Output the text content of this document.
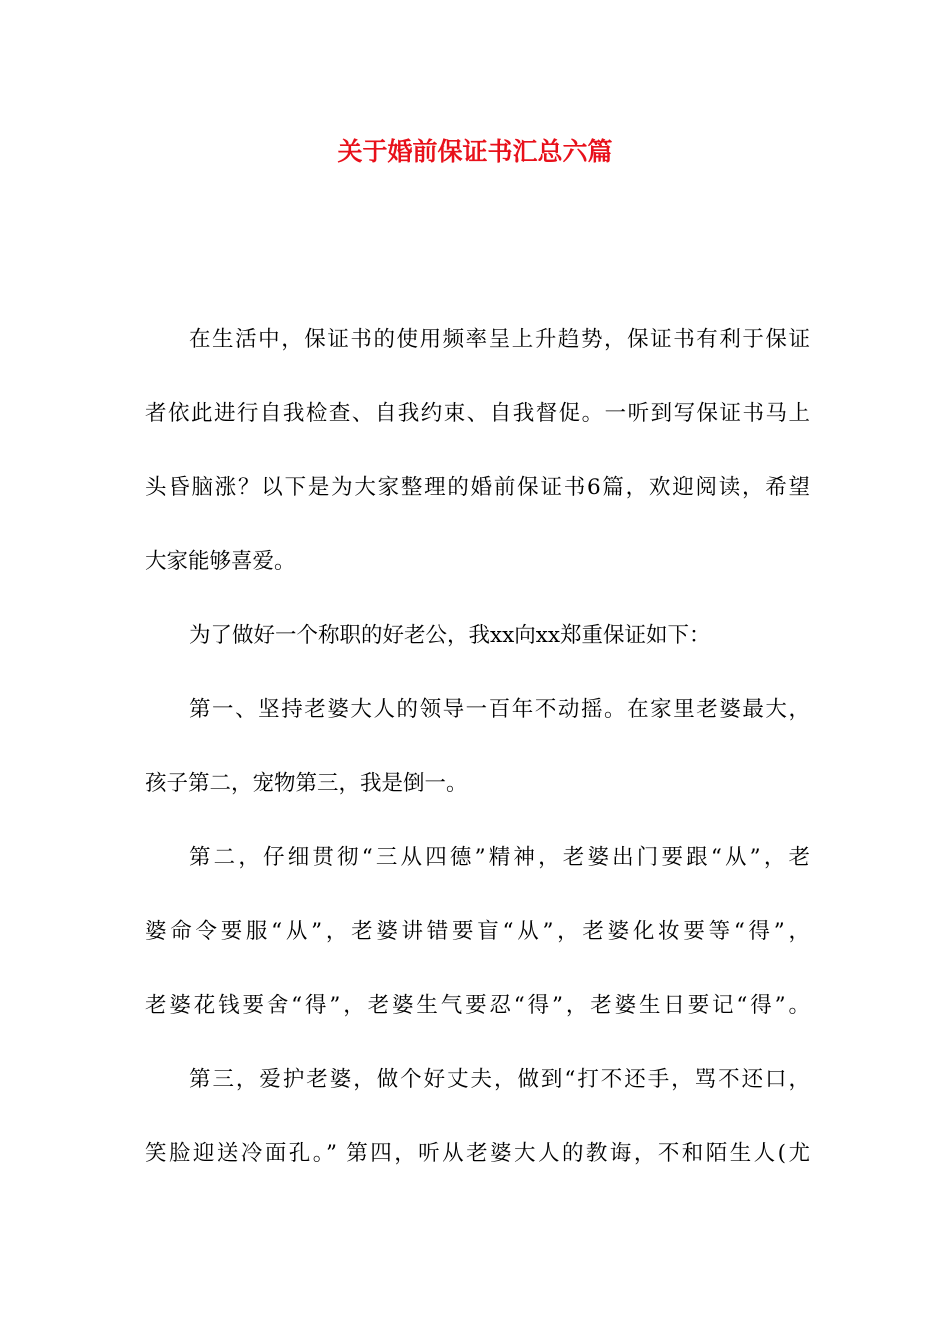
关于婚前保证书汇总六篇
在生活中，保证书的使用频率呈上升趋势，保证书有利于保证
者依此进行自我检查、自我约束、自我督促。一听到写保证书马上
头昏脑涨？以下是为大家整理的婚前保证书6篇，欢迎阅读，希望
大家能够喜爱。
为了做好一个称职的好老公，我xx向xx郑重保证如下：
第一、坚持老婆大人的领导一百年不动摇。在家里老婆最大，
孩子第二，宠物第三，我是倒一。
第二，仔细贯彻“三从四德”精神，老婆出门要跟“从”，老
婆命令要服“从”，老婆讲错要盲“从”，老婆化妆要等“得”，
老婆花钱要舍“得”，老婆生气要忍“得”，老婆生日要记“得”。
第三，爱护老婆，做个好丈夫，做到“打不还手，骂不还口，
笑脸迎送冷面孔。” 第四，听从老婆大人的教诲，不和陌生人(尤
